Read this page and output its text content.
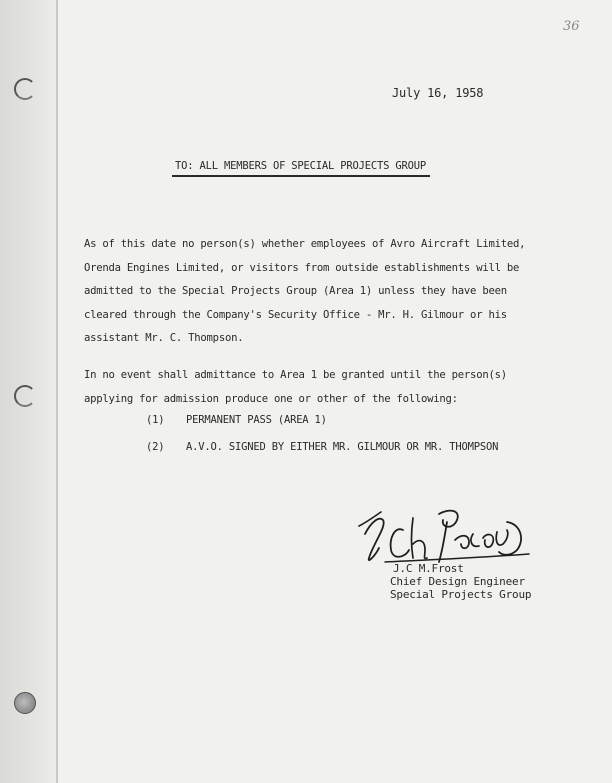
36
July 16, 1958
TO: ALL MEMBERS OF SPECIAL PROJECTS GROUP
As of this date no person(s) whether employees of Avro Aircraft Limited,
Orenda Engines Limited, or visitors from outside establishments will be
admitted to the Special Projects Group (Area 1) unless they have been
cleared through the Company's Security Office - Mr. H. Gilmour or his
assistant Mr. C. Thompson.
In no event shall admittance to Area 1 be granted until the person(s)
applying for admission produce one or other of the following:
(1) PERMANENT PASS (AREA 1)
(2) A.V.O. SIGNED BY EITHER MR. GILMOUR OR MR. THOMPSON
J.C M.Frost
Chief Design Engineer
Special Projects Group
